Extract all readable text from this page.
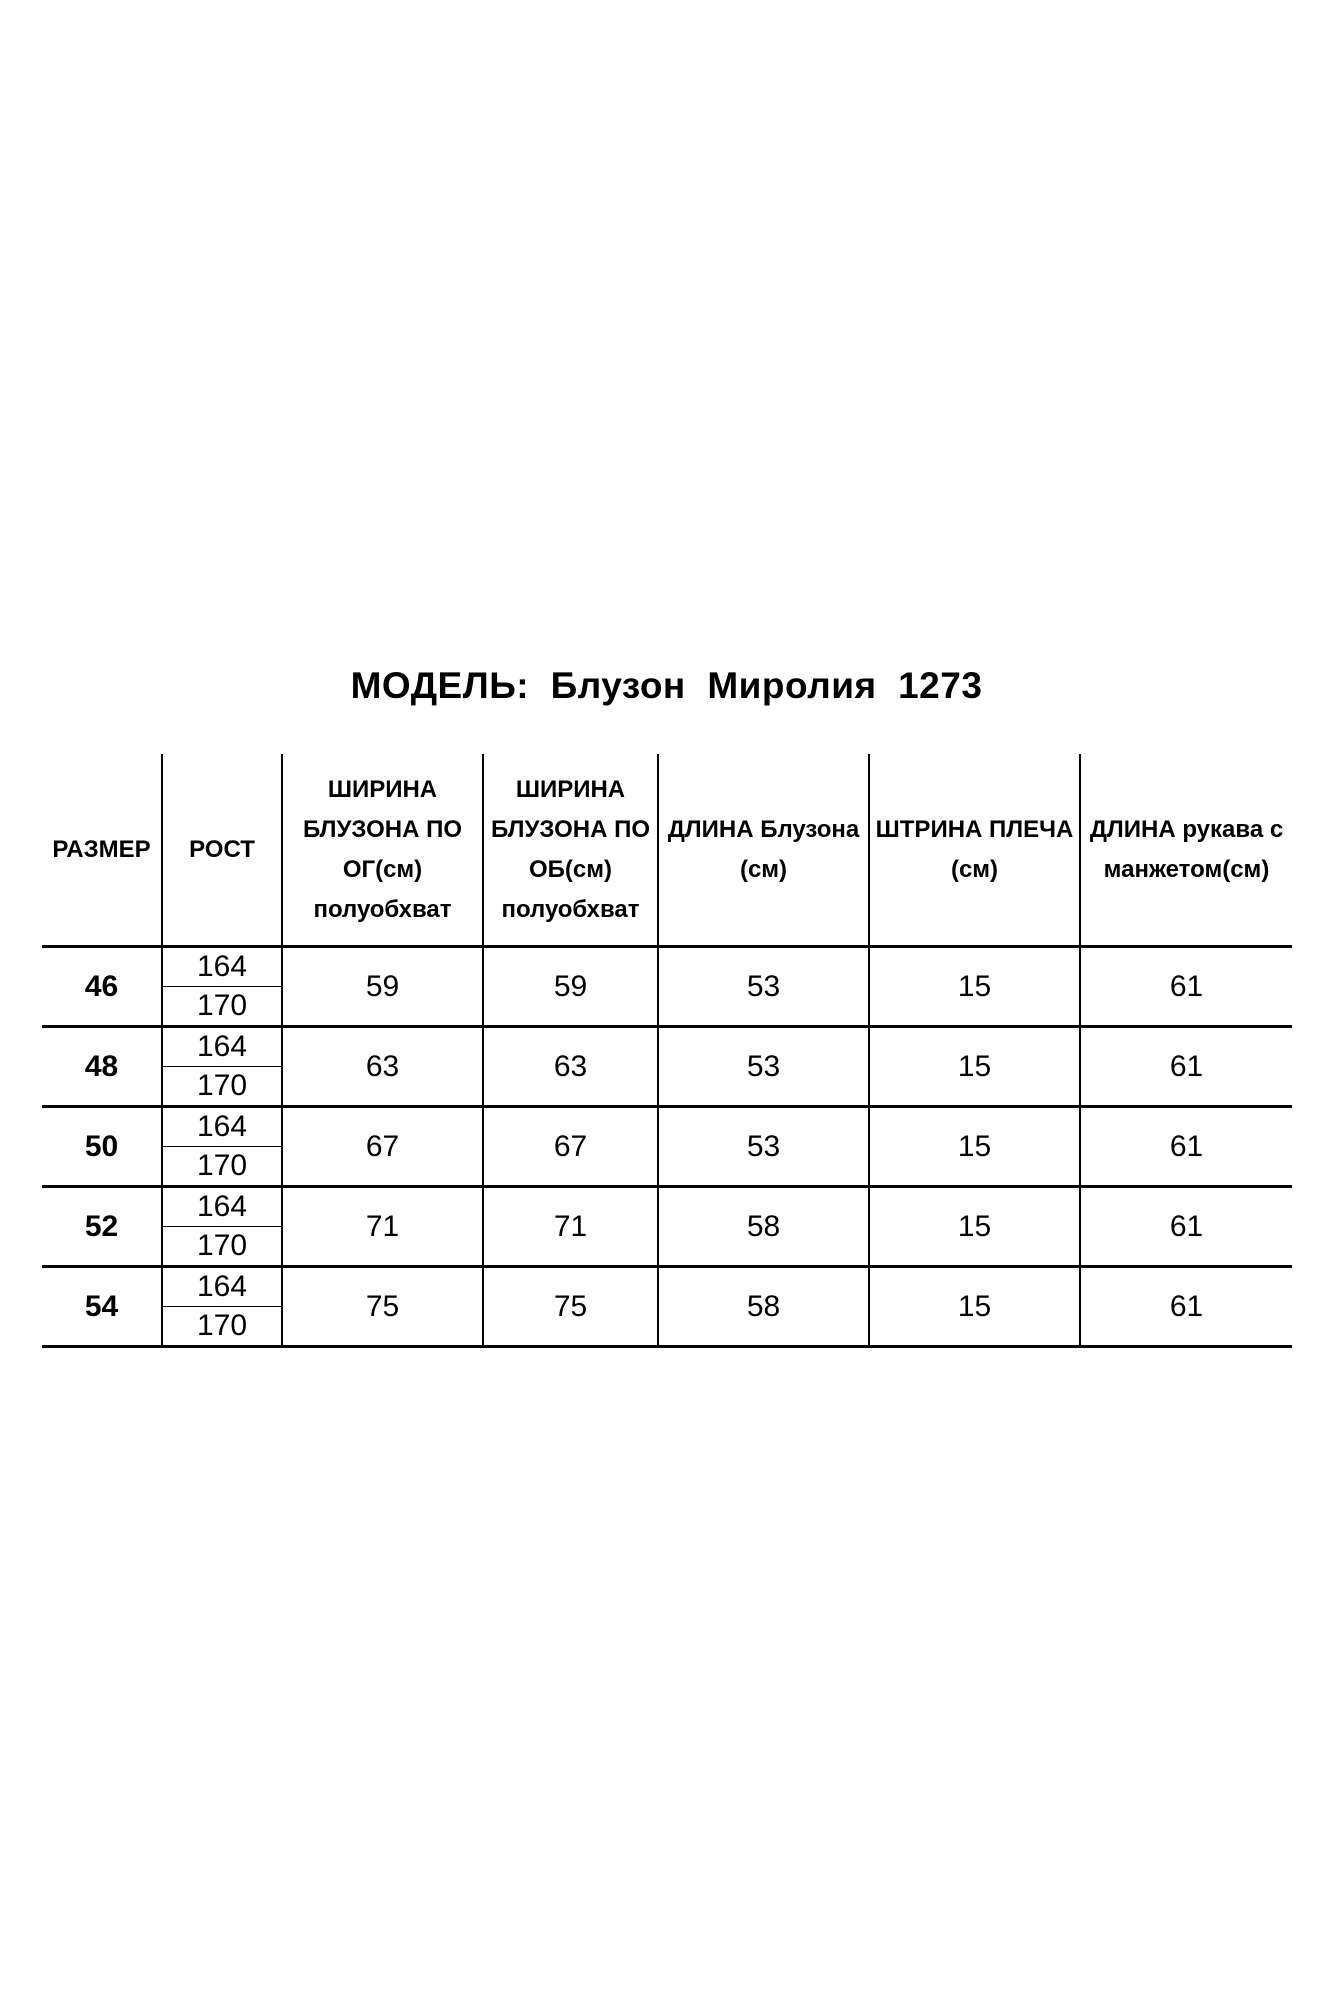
МОДЕЛЬ:  Блузон  Миролия  1273
РАЗМЕР	РОСТ	ШИРИНА БЛУЗОНА ПО ОГ(см) полуобхват	ШИРИНА БЛУЗОНА ПО ОБ(см) полуобхват	ДЛИНА Блузона (см)	ШТРИНА ПЛЕЧА (см)	ДЛИНА рукава с манжетом(см)
46	164	59	59	53	15	61
	170					
48	164	63	63	53	15	61
	170					
50	164	67	67	53	15	61
	170					
52	164	71	71	58	15	61
	170					
54	164	75	75	58	15	61
	170					
